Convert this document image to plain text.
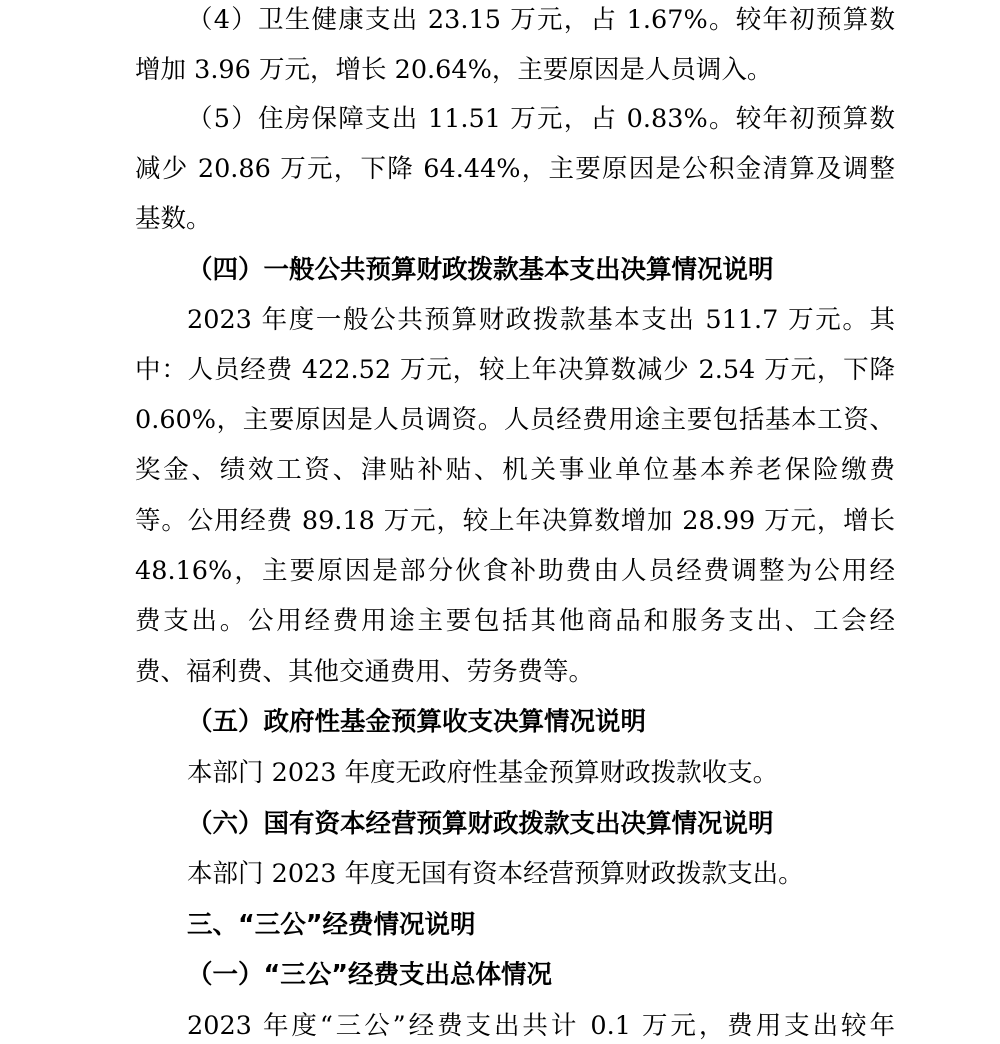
（4）卫生健康支出 23.15 万元，占 1.67%。较年初预算数
增加 3.96 万元，增长 20.64%，主要原因是人员调入。
（5）住房保障支出 11.51 万元，占 0.83%。较年初预算数
减少 20.86 万元，下降 64.44%，主要原因是公积金清算及调整
基数。
（四）一般公共预算财政拨款基本支出决算情况说明
2023 年度一般公共预算财政拨款基本支出 511.7 万元。其
中：人员经费 422.52 万元，较上年决算数减少 2.54 万元，下降
0.60%，主要原因是人员调资。人员经费用途主要包括基本工资、
奖金、绩效工资、津贴补贴、机关事业单位基本养老保险缴费
等。公用经费 89.18 万元，较上年决算数增加 28.99 万元，增长
48.16%，主要原因是部分伙食补助费由人员经费调整为公用经
费支出。公用经费用途主要包括其他商品和服务支出、工会经
费、福利费、其他交通费用、劳务费等。
（五）政府性基金预算收支决算情况说明
本部门 2023 年度无政府性基金预算财政拨款收支。
（六）国有资本经营预算财政拨款支出决算情况说明
本部门 2023 年度无国有资本经营预算财政拨款支出。
三、“三公”经费情况说明
（一）“三公”经费支出总体情况
2023 年度“三公”经费支出共计 0.1 万元，费用支出较年
